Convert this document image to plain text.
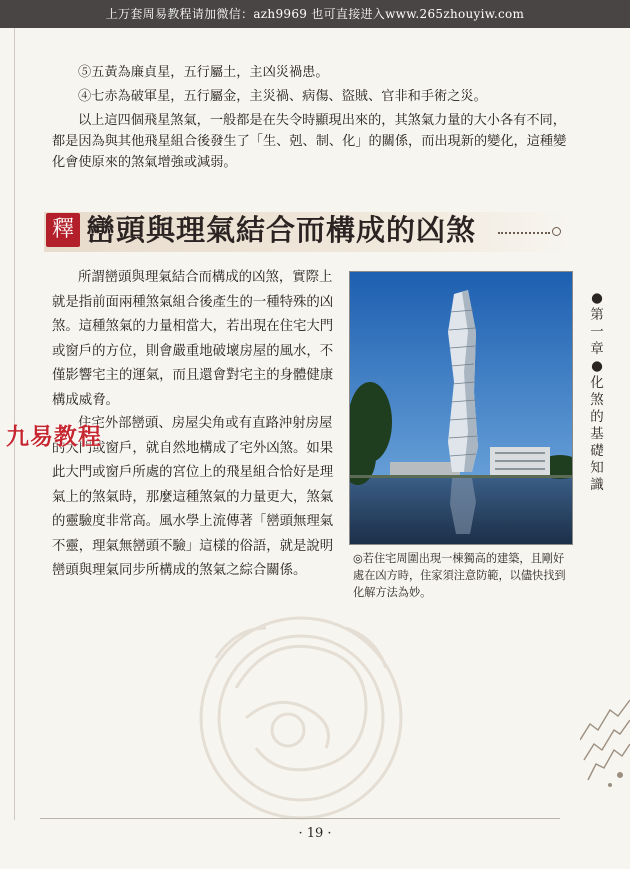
上万套周易教程请加微信：azh9969 也可直接进入www.265zhouyiw.com

⑤五黃為廉貞星，五行屬土，主凶災禍患。

④七赤為破軍星，五行屬金，主災禍、病傷、盜賊、官非和手術之災。

以上這四個飛星煞氣，一般都是在失令時顯現出來的，其煞氣力量的大小各有不同，都是因為與其他飛星組合後發生了「生、剋、制、化」的關係，而出現新的變化，這種變化會使原來的煞氣增強或減弱。

釋 巒頭與理氣結合而構成的凶煞

所謂巒頭與理氣結合而構成的凶煞，實際上就是指前面兩種煞氣組合後產生的一種特殊的凶煞。這種煞氣的力量相當大，若出現在住宅大門或窗戶的方位，則會嚴重地破壞房屋的風水，不僅影響宅主的運氣，而且還會對宅主的身體健康構成威脅。

住宅外部巒頭、房屋尖角或有直路沖射房屋的大門或窗戶，就自然地構成了宅外凶煞。如果此大門或窗戶所處的宮位上的飛星組合恰好是理氣上的煞氣時，那麼這種煞氣的力量更大，煞氣的靈驗度非常高。風水學上流傳著「巒頭無理氣不靈，理氣無巒頭不驗」這樣的俗語，就是說明巒頭與理氣同步所構成的煞氣之綜合關係。

九易教程

◎若住宅周圍出現一棟獨高的建築，且剛好處在凶方時，住家須注意防範，以儘快找到化解方法為妙。

●第一章●化煞的基礎知識
· 19 ·
